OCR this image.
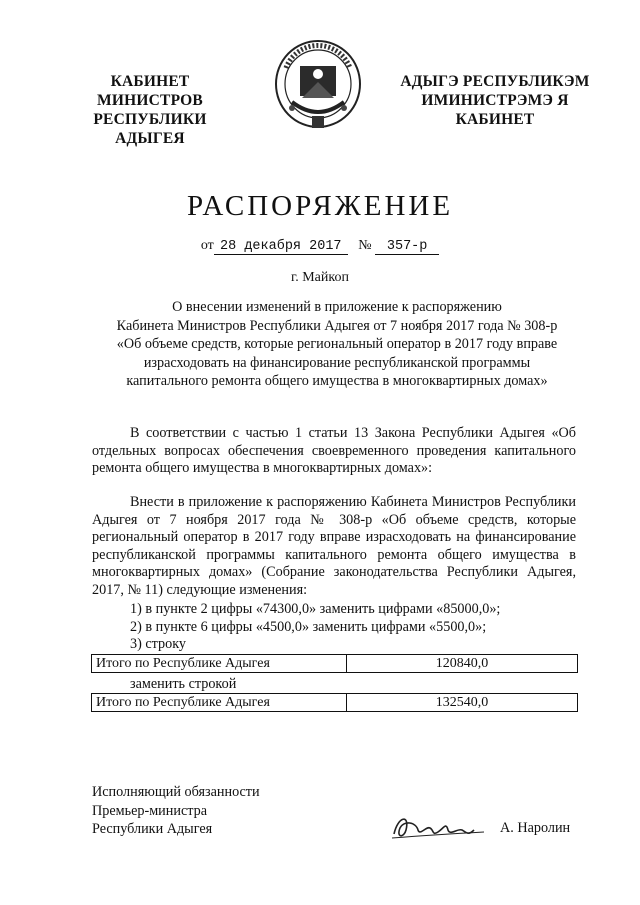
КАБИНЕТ МИНИСТРОВ
РЕСПУБЛИКИ АДЫГЕЯ
АДЫГЭ РЕСПУБЛИКЭМ
ИМИНИСТРЭМЭ Я КАБИНЕТ
РАСПОРЯЖЕНИЕ
от 28 декабря 2017 № 357-р
г. Майкоп
О внесении изменений в приложение к распоряжению
Кабинета Министров Республики Адыгея от 7 ноября 2017 года № 308-р
«Об объеме средств, которые региональный оператор в 2017 году вправе
израсходовать на финансирование республиканской программы
капитального ремонта общего имущества в многоквартирных домах»
В соответствии с частью 1 статьи 13 Закона Республики Адыгея «Об отдельных вопросах обеспечения своевременного проведения капитального ремонта общего имущества в многоквартирных домах»:
Внести в приложение к распоряжению Кабинета Министров Республики Адыгея от 7 ноября 2017 года № 308-р «Об объеме средств, которые региональный оператор в 2017 году вправе израсходовать на финансирование республиканской программы капитального ремонта общего имущества в многоквартирных домах» (Собрание законодательства Республики Адыгея, 2017, № 11) следующие изменения:
1) в пункте 2 цифры «74300,0» заменить цифрами «85000,0»;
2) в пункте 6 цифры «4500,0» заменить цифрами «5500,0»;
3) строку
Итого по Республике Адыгея	120840,0
заменить строкой
Итого по Республике Адыгея	132540,0
Исполняющий обязанности
Премьер-министра
Республики Адыгея	А. Наролин
